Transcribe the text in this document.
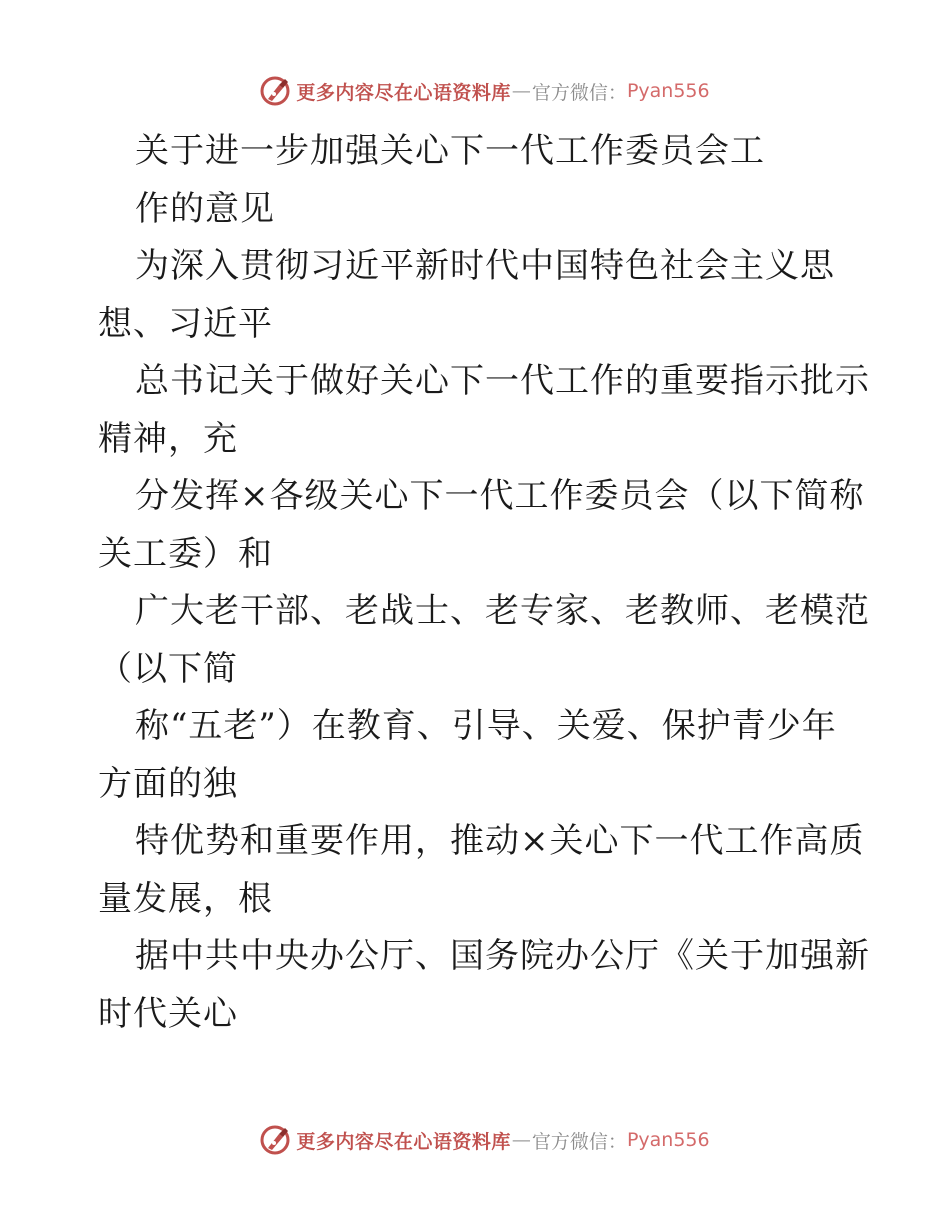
更多内容尽在心语资料库 — 官方微信： Pyan556
关于进一步加强关心下一代工作委员会工
作的意见
为深入贯彻习近平新时代中国特色社会主义思
想、习近平
总书记关于做好关心下一代工作的重要指示批示
精神，充
分发挥×各级关心下一代工作委员会（以下简称
关工委）和
广大老干部、老战士、老专家、老教师、老模范
（以下简
称“五老”）在教育、引导、关爱、保护青少年
方面的独
特优势和重要作用，推动×关心下一代工作高质
量发展，根
据中共中央办公厅、国务院办公厅《关于加强新
时代关心
更多内容尽在心语资料库 — 官方微信： Pyan556
